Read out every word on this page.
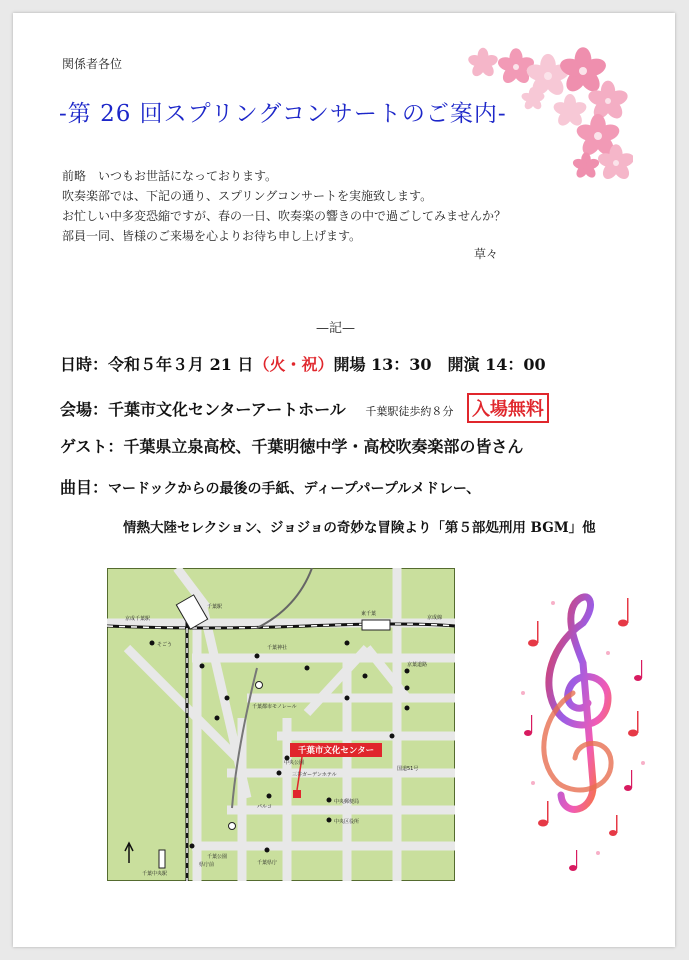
関係者各位
-第 26 回スプリングコンサートのご案内-
前略　いつもお世話になっております。
吹奏楽部では、下記の通り、スプリングコンサートを実施致します。
お忙しい中多変恐縮ですが、春の一日、吹奏楽の響きの中で過ごしてみませんか？
部員一同、皆様のご来場を心よりお待ち申し上げます。
草々
—記—
日時：令和５年３月 21 日（火・祝）開場 13：30　開演 14：00
会場：千葉市文化センターアートホール 千葉駅徒歩約８分 入場無料
ゲスト：千葉県立泉高校、千葉明徳中学・高校吹奏楽部の皆さん
曲目：マードックからの最後の手紙、ディープパープルメドレー、
情熱大陸セレクション、ジョジョの奇妙な冒険より「第５部処刑用 BGM」他
千葉市文化センター
千葉駅
東千葉
京成千葉駅	京成線
そごう	千葉神社
京葉道路
千葉公園
パルコ
三井ガーデンホテル
中央公園
中央郵便局
中央区役所
国道51号
千葉県庁
県庁前
千葉中央駅
千葉都市モノレール
